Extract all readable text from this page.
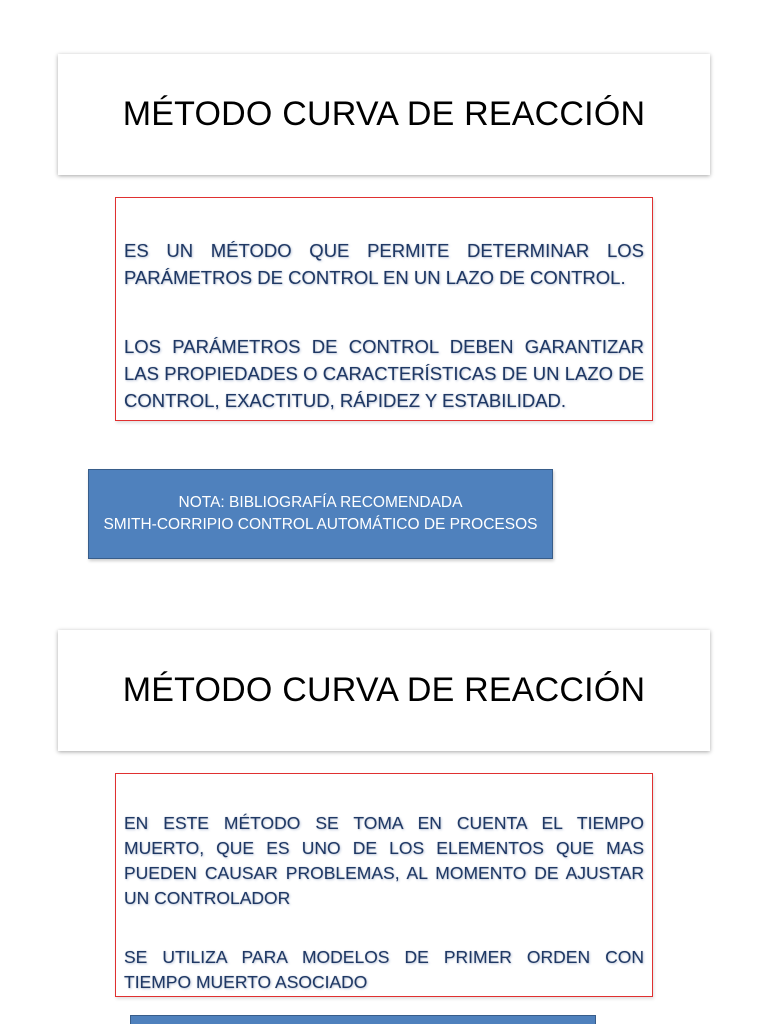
MÉTODO CURVA DE REACCIÓN

ES UN MÉTODO QUE PERMITE DETERMINAR LOS PARÁMETROS DE CONTROL EN UN LAZO DE CONTROL.

LOS PARÁMETROS DE CONTROL DEBEN GARANTIZAR LAS PROPIEDADES O CARACTERÍSTICAS DE UN LAZO DE CONTROL, EXACTITUD, RÁPIDEZ Y ESTABILIDAD.

NOTA: BIBLIOGRAFÍA RECOMENDADA
SMITH-CORRIPIO CONTROL AUTOMÁTICO DE PROCESOS
MÉTODO CURVA DE REACCIÓN

EN ESTE MÉTODO SE TOMA EN CUENTA EL TIEMPO MUERTO, QUE ES UNO DE LOS ELEMENTOS QUE MAS PUEDEN CAUSAR PROBLEMAS, AL MOMENTO DE AJUSTAR UN CONTROLADOR

SE UTILIZA PARA MODELOS DE PRIMER ORDEN CON TIEMPO MUERTO ASOCIADO
